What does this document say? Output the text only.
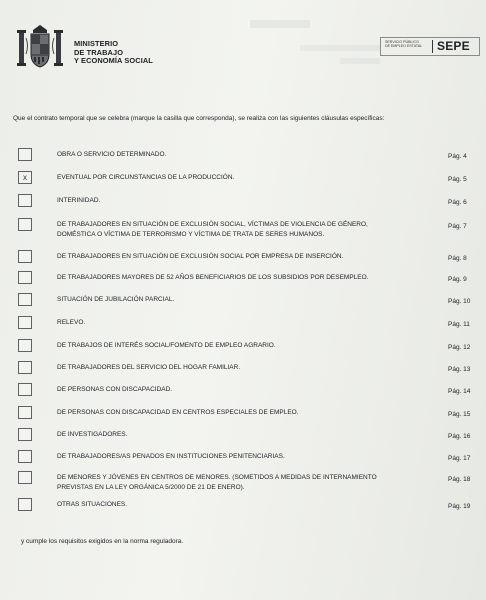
MINISTERIO
DE TRABAJO
Y ECONOMÍA SOCIAL
SERVICIO PÚBLICO
DE EMPLEO ESTATAL SEPE
Que el contrato temporal que se celebra (marque la casilla que corresponda), se realiza con las siguientes cláusulas específicas:
OBRA O SERVICIO DETERMINADO.	Pág. 4
x	EVENTUAL POR CIRCUNSTANCIAS DE LA PRODUCCIÓN.	Pág. 5
INTERINIDAD.	Pág. 6
DE TRABAJADORES EN SITUACIÓN DE EXCLUSIÓN SOCIAL, VÍCTIMAS DE VIOLENCIA DE GÉNERO,
DOMÉSTICA O VÍCTIMA DE TERRORISMO Y VÍCTIMA DE TRATA DE SERES HUMANOS.
Pág. 7
DE TRABAJADORES EN SITUACIÓN DE EXCLUSIÓN SOCIAL POR EMPRESA DE INSERCIÓN.	Pág. 8
DE TRABAJADORES MAYORES DE 52 AÑOS BENEFICIARIOS DE LOS SUBSIDIOS POR DESEMPLEO.	Pág. 9
SITUACIÓN DE JUBILACIÓN PARCIAL.	Pág. 10
RELEVO.	Pág. 11
DE TRABAJOS DE INTERÉS SOCIAL/FOMENTO DE EMPLEO AGRARIO.	Pág. 12
DE TRABAJADORES DEL SERVICIO DEL HOGAR FAMILIAR.	Pág. 13
DE PERSONAS CON DISCAPACIDAD.	Pág. 14
DE PERSONAS CON DISCAPACIDAD EN CENTROS ESPECIALES DE EMPLEO.	Pág. 15
DE INVESTIGADORES.	Pág. 16
DE TRABAJADORES/AS PENADOS EN INSTITUCIONES PENITENCIARIAS.	Pág. 17
DE MENORES Y JÓVENES EN CENTROS DE MENORES. (SOMETIDOS A MEDIDAS DE INTERNAMIENTO
PREVISTAS EN LA LEY ORGÁNICA 5/2000 DE 21 DE ENERO).
Pág. 18
OTRAS SITUACIONES.	Pág. 19
y cumple los requisitos exigidos en la norma reguladora.
